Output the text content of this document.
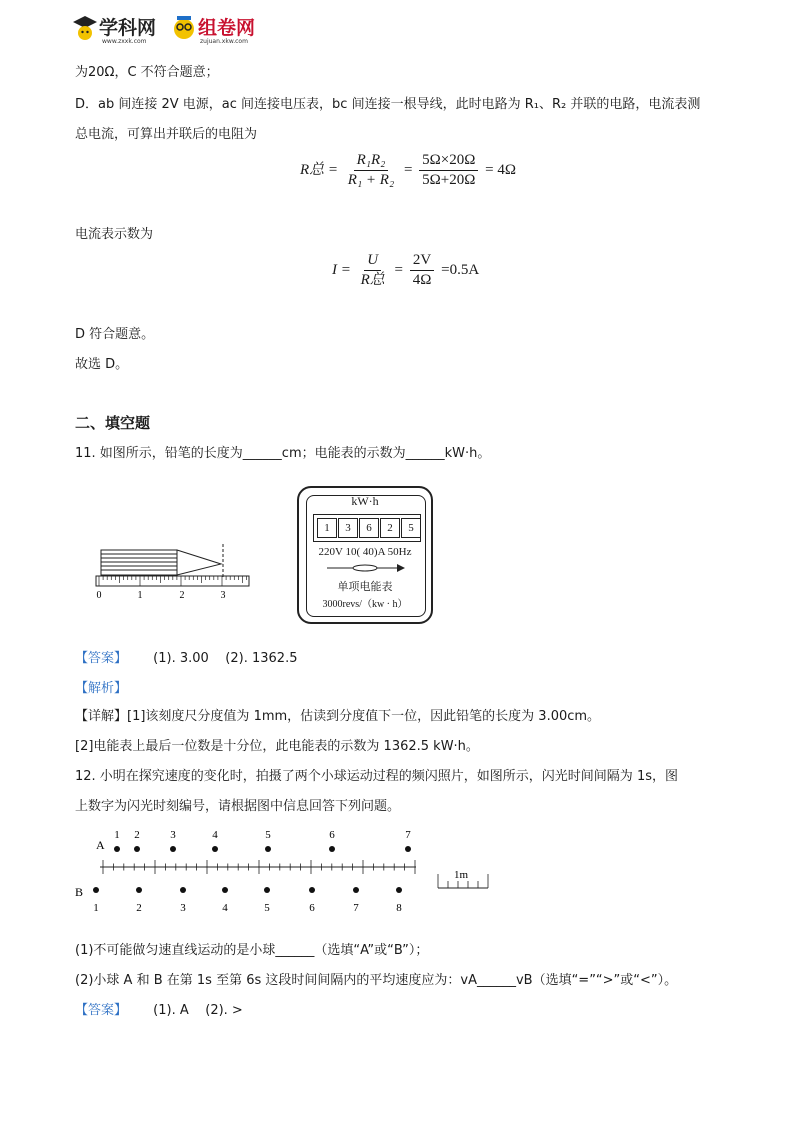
学科网
www.zxxk.com
组卷网
zujuan.xkw.com
为20Ω，C 不符合题意；
D．ab 间连接 2V 电源，ac 间连接电压表，bc 间连接一根导线，此时电路为 R₁、R₂ 并联的电路，电流表测
总电流，可算出并联后的电阻为
R总 = $\frac{\text{R₁R₂}}{\text{R₁ + R₂}} = \frac{5\Omega\times 20\Omega}{5\Omega+20\Omega} = 4\Omega$
电流表示数为
$I = \frac{U}{\text{R总}} = \frac{2V}{4\Omega} =0.5A$
D 符合题意。
故选 D。
二、填空题
11. 如图所示，铅笔的长度为______cm；电能表的示数为______kW·h。
0	1	2	3
kW·h
1	3	6	2	5
220V 10( 40)A 50Hz
单项电能表
3000revs/（kw · h）
【答案】 (1). 3.00    (2). 1362.5
【解析】
【详解】[1]该刻度尺分度值为 1mm，估读到分度值下一位，因此铅笔的长度为 3.00cm。
[2]电能表上最后一位数是十分位，此电能表的示数为 1362.5 kW·h。
12. 小明在探究速度的变化时，拍摄了两个小球运动过程的频闪照片，如图所示，闪光时间间隔为 1s，图
上数字为闪光时刻编号，请根据图中信息回答下列问题。
A
B
1 2	3	4	5	6	7
1	2	3	4	5	6	7	8
1m
(1)不可能做匀速直线运动的是小球______（选填“A”或“B”）；
(2)小球 A 和 B 在第 1s 至第 6s 这段时间间隔内的平均速度应为：vA______vB（选填“=”“>”或“<”）。
【答案】 (1). A    (2). >
